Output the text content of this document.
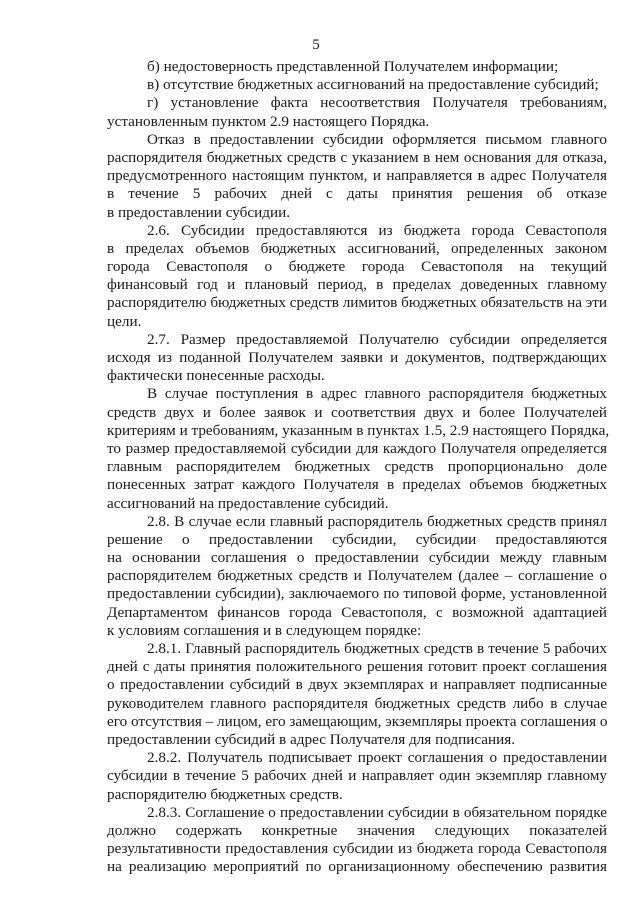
5
б) недостоверность представленной Получателем информации;
в) отсутствие бюджетных ассигнований на предоставление субсидий;
г) установление факта несоответствия Получателя требованиям,
установленным пунктом 2.9 настоящего Порядка.
Отказ в предоставлении субсидии оформляется письмом главного
распорядителя бюджетных средств с указанием в нем основания для отказа,
предусмотренного настоящим пунктом, и направляется в адрес Получателя
в течение 5 рабочих дней с даты принятия решения об отказе
в предоставлении субсидии.
2.6. Субсидии предоставляются из бюджета города Севастополя
в пределах объемов бюджетных ассигнований, определенных законом
города Севастополя о бюджете города Севастополя на текущий
финансовый год и плановый период, в пределах доведенных главному
распорядителю бюджетных средств лимитов бюджетных обязательств на эти
цели.
2.7. Размер предоставляемой Получателю субсидии определяется
исходя из поданной Получателем заявки и документов, подтверждающих
фактически понесенные расходы.
В случае поступления в адрес главного распорядителя бюджетных
средств двух и более заявок и соответствия двух и более Получателей
критериям и требованиям, указанным в пунктах 1.5, 2.9 настоящего Порядка,
то размер предоставляемой субсидии для каждого Получателя определяется
главным распорядителем бюджетных средств пропорционально доле
понесенных затрат каждого Получателя в пределах объемов бюджетных
ассигнований на предоставление субсидий.
2.8. В случае если главный распорядитель бюджетных средств принял
решение о предоставлении субсидии, субсидии предоставляются
на основании соглашения о предоставлении субсидии между главным
распорядителем бюджетных средств и Получателем (далее – соглашение о
предоставлении субсидии), заключаемого по типовой форме, установленной
Департаментом финансов города Севастополя, с возможной адаптацией
к условиям соглашения и в следующем порядке:
2.8.1. Главный распорядитель бюджетных средств в течение 5 рабочих
дней с даты принятия положительного решения готовит проект соглашения
о предоставлении субсидий в двух экземплярах и направляет подписанные
руководителем главного распорядителя бюджетных средств либо в случае
его отсутствия – лицом, его замещающим, экземпляры проекта соглашения о
предоставлении субсидий в адрес Получателя для подписания.
2.8.2. Получатель подписывает проект соглашения о предоставлении
субсидии в течение 5 рабочих дней и направляет один экземпляр главному
распорядителю бюджетных средств.
2.8.3. Соглашение о предоставлении субсидии в обязательном порядке
должно содержать конкретные значения следующих показателей
результативности предоставления субсидии из бюджета города Севастополя
на реализацию мероприятий по организационному обеспечению развития
